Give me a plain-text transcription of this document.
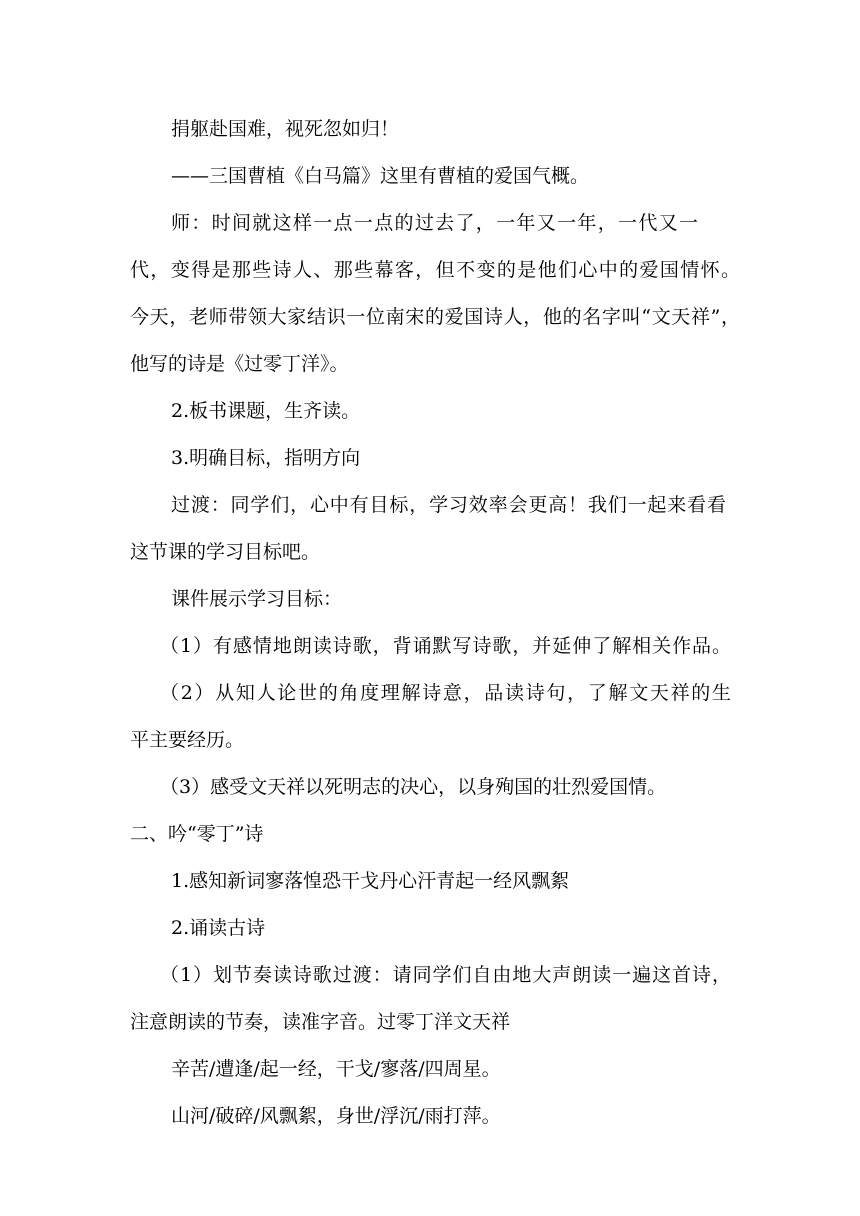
捐躯赴国难，视死忽如归！
——三国曹植《白马篇》这里有曹植的爱国气概。
师：时间就这样一点一点的过去了，一年又一年，一代又一
代，变得是那些诗人、那些幕客，但不变的是他们心中的爱国情怀。
今天，老师带领大家结识一位南宋的爱国诗人，他的名字叫“文天祥”，
他写的诗是《过零丁洋》。
2.板书课题，生齐读。
3.明确目标，指明方向
过渡：同学们，心中有目标，学习效率会更高！我们一起来看看
这节课的学习目标吧。
课件展示学习目标：
（1）有感情地朗读诗歌，背诵默写诗歌，并延伸了解相关作品。
（2）从知人论世的角度理解诗意，品读诗句，了解文天祥的生
平主要经历。
（3）感受文天祥以死明志的决心，以身殉国的壮烈爱国情。
二、吟“零丁”诗
1.感知新词寥落惶恐干戈丹心汗青起一经风飘絮
2.诵读古诗
（1）划节奏读诗歌过渡：请同学们自由地大声朗读一遍这首诗，
注意朗读的节奏，读准字音。过零丁洋文天祥
辛苦/遭逢/起一经，干戈/寥落/四周星。
山河/破碎/风飘絮，身世/浮沉/雨打萍。
